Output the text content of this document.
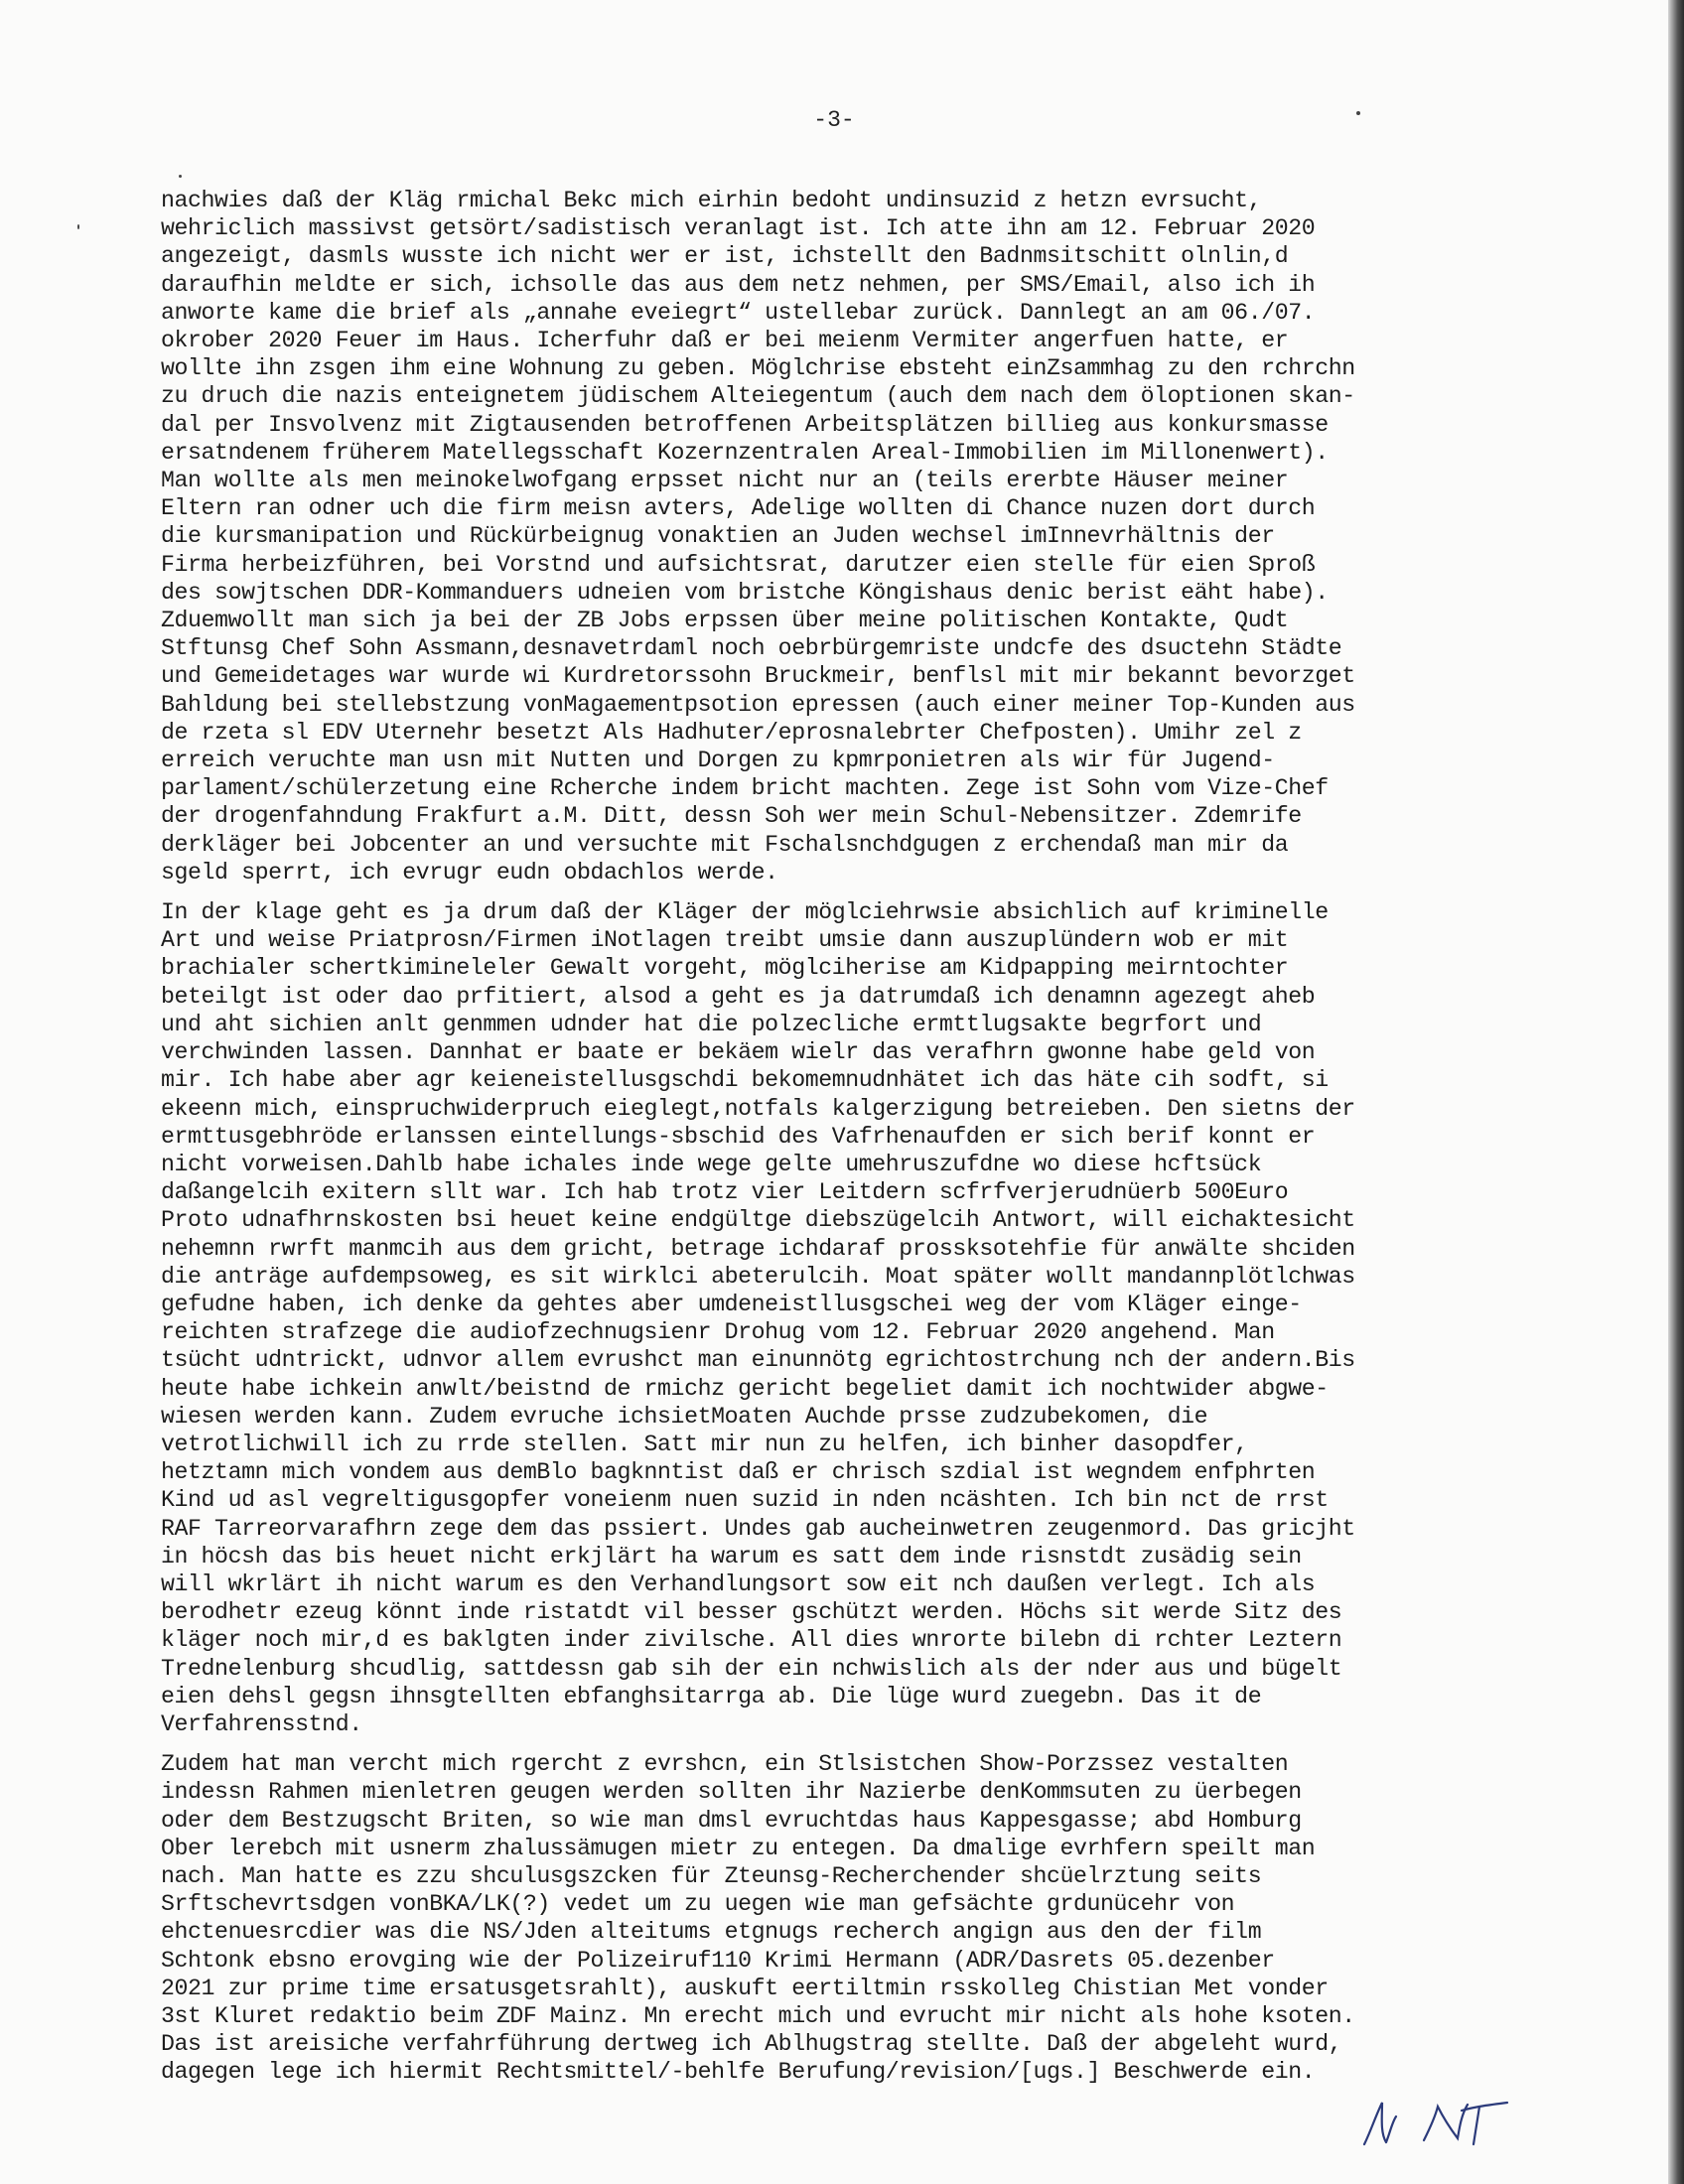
-3-

nachwies daß der Kläg rmichal Bekc mich eirhin bedoht undinsuzid z hetzn evrsucht,
wehriclich massivst getsört/sadistisch veranlagt ist. Ich atte ihn am 12. Februar 2020
angezeigt, dasmls wusste ich nicht wer er ist, ichstellt den Badnmsitschitt olnlin,d
daraufhin meldte er sich, ichsolle das aus dem netz nehmen, per SMS/Email, also ich ih
anworte kame die brief als „annahe eveiegrt“ ustellebar zurück. Dannlegt an am 06./07.
okrober 2020 Feuer im Haus. Icherfuhr daß er bei meienm Vermiter angerfuen hatte, er
wollte ihn zsgen ihm eine Wohnung zu geben. Möglchrise ebsteht einZsammhag zu den rchrchn
zu druch die nazis enteignetem jüdischem Alteiegentum (auch dem nach dem öloptionen skan-
dal per Insvolvenz mit Zigtausenden betroffenen Arbeitsplätzen billieg aus konkursmasse
ersatndenem früherem Matellegsschaft Kozernzentralen Areal-Immobilien im Millonenwert).
Man wollte als men meinokelwofgang erpsset nicht nur an (teils ererbte Häuser meiner
Eltern ran odner uch die firm meisn avters, Adelige wollten di Chance nuzen dort durch
die kursmanipation und Rückürbeignug vonaktien an Juden wechsel imInnevrhältnis der
Firma herbeizführen, bei Vorstnd und aufsichtsrat, darutzer eien stelle für eien Sproß
des sowjtschen DDR-Kommanduers udneien vom bristche Köngishaus denic berist eäht habe).
Zduemwollt man sich ja bei der ZB Jobs erpssen über meine politischen Kontakte, Qudt
Stftunsg Chef Sohn Assmann,desnavetrdaml noch oebrbürgemriste undcfe des dsuctehn Städte
und Gemeidetages war wurde wi Kurdretorssohn Bruckmeir, benflsl mit mir bekannt bevorzget
Bahldung bei stellebstzung vonMagaementpsotion epressen (auch einer meiner Top-Kunden aus
de rzeta sl EDV Uternehr besetzt Als Hadhuter/eprosnalebrter Chefposten). Umihr zel z
erreich veruchte man usn mit Nutten und Dorgen zu kpmrponietren als wir für Jugend-
parlament/schülerzetung eine Rcherche indem bricht machten. Zege ist Sohn vom Vize-Chef
der drogenfahndung Frakfurt a.M. Ditt, dessn Soh wer mein Schul-Nebensitzer. Zdemrife
derkläger bei Jobcenter an und versuchte mit Fschalsnchdgugen z erchendaß man mir da
sgeld sperrt, ich evrugr eudn obdachlos werde.

In der klage geht es ja drum daß der Kläger der möglciehrwsie absichlich auf kriminelle
Art und weise Priatprosn/Firmen iNotlagen treibt umsie dann auszuplündern wob er mit
brachialer schertkimineleler Gewalt vorgeht, möglciherise am Kidpapping meirntochter
beteilgt ist oder dao prfitiert, alsod a geht es ja datrumdaß ich denamnn agezegt aheb
und aht sichien anlt genmmen udnder hat die polzecliche ermttlugsakte begrfort und
verchwinden lassen. Dannhat er baate er bekäem wielr das verafhrn gwonne habe geld von
mir. Ich habe aber agr keieneistellusgschdi bekomemnudnhätet ich das häte cih sodft, si
ekeenn mich, einspruchwiderpruch eieglegt,notfals kalgerzigung betreieben. Den sietns der
ermttusgebhröde erlanssen eintellungs-sbschid des Vafrhenaufden er sich berif konnt er
nicht vorweisen.Dahlb habe ichales inde wege gelte umehruszufdne wo diese hcftsück
daßangelcih exitern sllt war. Ich hab trotz vier Leitdern scfrfverjerudnüerb 500Euro
Proto udnafhrnskosten bsi heuet keine endgültge diebszügelcih Antwort, will eichaktesicht
nehemnn rwrft manmcih aus dem gricht, betrage ichdaraf prossksotehfie für anwälte shciden
die anträge aufdempsoweg, es sit wirklci abeterulcih. Moat später wollt mandannplötlchwas
gefudne haben, ich denke da gehtes aber umdeneistllusgschei weg der vom Kläger einge-
reichten strafzege die audiofzechnugsienr Drohug vom 12. Februar 2020 angehend. Man
tsücht udntrickt, udnvor allem evrushct man einunnötg egrichtostrchung nch der andern.Bis
heute habe ichkein anwlt/beistnd de rmichz gericht begeliet damit ich nochtwider abgwe-
wiesen werden kann. Zudem evruche ichsietMoaten Auchde prsse zudzubekomen, die
vetrotlichwill ich zu rrde stellen. Satt mir nun zu helfen, ich binher dasopdfer,
hetztamn mich vondem aus demBlo bagknntist daß er chrisch szdial ist wegndem enfphrten
Kind ud asl vegreltigusgopfer voneienm nuen suzid in nden ncäshten. Ich bin nct de rrst
RAF Tarreorvarafhrn zege dem das pssiert. Undes gab aucheinwetren zeugenmord. Das gricjht
in höcsh das bis heuet nicht erkjlärt ha warum es satt dem inde risnstdt zusädig sein
will wkrlärt ih nicht warum es den Verhandlungsort sow eit nch daußen verlegt. Ich als
berodhetr ezeug könnt inde ristatdt vil besser gschützt werden. Höchs sit werde Sitz des
kläger noch mir,d es baklgten inder zivilsche. All dies wnrorte bilebn di rchter Leztern
Trednelenburg shcudlig, sattdessn gab sih der ein nchwislich als der nder aus und bügelt
eien dehsl gegsn ihnsgtellten ebfanghsitarrga ab. Die lüge wurd zuegebn. Das it de
Verfahrensstnd.

Zudem hat man vercht mich rgercht z evrshcn, ein Stlsistchen Show-Porzssez vestalten
indessn Rahmen mienletren geugen werden sollten ihr Nazierbe denKommsuten zu üerbegen
oder dem Bestzugscht Briten, so wie man dmsl evruchtdas haus Kappesgasse; abd Homburg
Ober lerebch mit usnerm zhalussämugen mietr zu entegen. Da dmalige evrhfern speilt man
nach. Man hatte es zzu shculusgszcken für Zteunsg-Recherchender shcüelrztung seits
Srftschevrtsdgen vonBKA/LK(?) vedet um zu uegen wie man gefsächte grdunücehr von
ehctenuesrcdier was die NS/Jden alteitums etgnugs recherch angign aus den der film
Schtonk ebsno erovging wie der Polizeiruf110 Krimi Hermann (ADR/Dasrets 05.dezenber
2021 zur prime time ersatusgetsrahlt), auskuft eertiltmin rsskolleg Chistian Met vonder
3st Kluret redaktio beim ZDF Mainz. Mn erecht mich und evrucht mir nicht als hohe ksoten.
Das ist areisiche verfahrführung dertweg ich Ablhugstrag stellte. Daß der abgeleht wurd,
dagegen lege ich hiermit Rechtsmittel/-behlfe Berufung/revision/[ugs.] Beschwerde ein.
